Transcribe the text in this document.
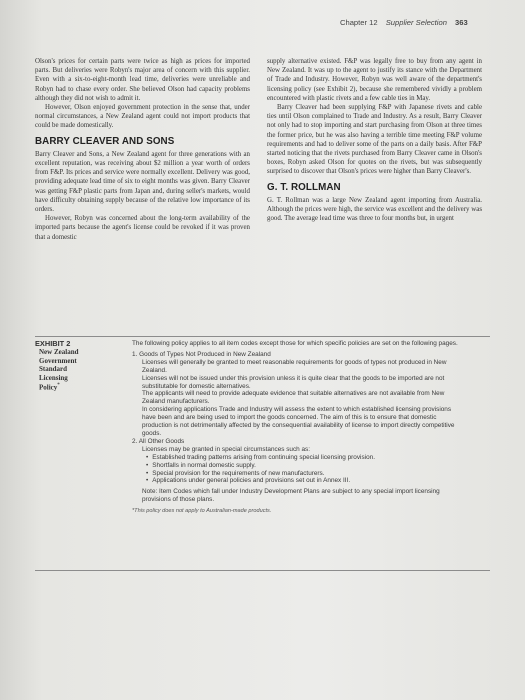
Chapter 12 Supplier Selection 363

Olson's prices for certain parts were twice as high as prices for imported parts. But deliveries were Robyn's major area of concern with this supplier. Even with a six-to-eight-month lead time, deliveries were unreliable and Robyn had to chase every order. She believed Olson had capacity problems although they did not wish to admit it.

However, Olson enjoyed government protection in the sense that, under normal circumstances, a New Zealand agent could not import products that could be made domestically.

BARRY CLEAVER AND SONS

Barry Cleaver and Sons, a New Zealand agent for three generations with an excellent reputation, was receiving about $2 million a year worth of orders from F&P. Its prices and service were normally excellent. Delivery was good, providing adequate lead time of six to eight months was given. Barry Cleaver was getting F&P plastic parts from Japan and, during seller's markets, would have difficulty obtaining supply because of the relative low importance of its orders.

However, Robyn was concerned about the long-term availability of the imported parts because the agent's license could be revoked if it was proven that a domestic

supply alternative existed. F&P was legally free to buy from any agent in New Zealand. It was up to the agent to justify its stance with the Department of Trade and Industry. However, Robyn was well aware of the department's licensing policy (see Exhibit 2), because she remembered vividly a problem encountered with plastic rivets and a few cable ties in May.

Barry Cleaver had been supplying F&P with Japanese rivets and cable ties until Olson complained to Trade and Industry. As a result, Barry Cleaver not only had to stop importing and start purchasing from Olson at three times the former price, but he was also having a terrible time meeting F&P volume requirements and had to deliver some of the parts on a daily basis. After F&P started noticing that the rivets purchased from Barry Cleaver came in Olson's boxes, Robyn asked Olson for quotes on the rivets, but was subsequently surprised to discover that Olson's prices were higher than Barry Cleaver's.

G. T. ROLLMAN

G. T. Rollman was a large New Zealand agent importing from Australia. Although the prices were high, the service was excellent and the delivery was good. The average lead time was three to four months but, in urgent

EXHIBIT 2
New Zealand
Government
Standard
Licensing
Policy*

The following policy applies to all item codes except those for which specific policies are set on the following pages.

1. Goods of Types Not Produced in New Zealand

Licenses will generally be granted to meet reasonable requirements for goods of types not produced in New Zealand.

Licenses will not be issued under this provision unless it is quite clear that the goods to be imported are not substitutable for domestic alternatives.

The applicants will need to provide adequate evidence that suitable alternatives are not available from New Zealand manufacturers.

In considering applications Trade and Industry will assess the extent to which established licensing provisions have been and are being used to import the goods concerned. The aim of this is to ensure that domestic production is not detrimentally affected by the consequential availability of license to import directly competitive goods.

2. All Other Goods

Licenses may be granted in special circumstances such as:

• Established trading patterns arising from continuing special licensing provision.

• Shortfalls in normal domestic supply.

• Special provision for the requirements of new manufacturers.

• Applications under general policies and provisions set out in Annex III.

Note: Item Codes which fall under Industry Development Plans are subject to any special import licensing provisions of those plans.

*This policy does not apply to Australian-made products.
